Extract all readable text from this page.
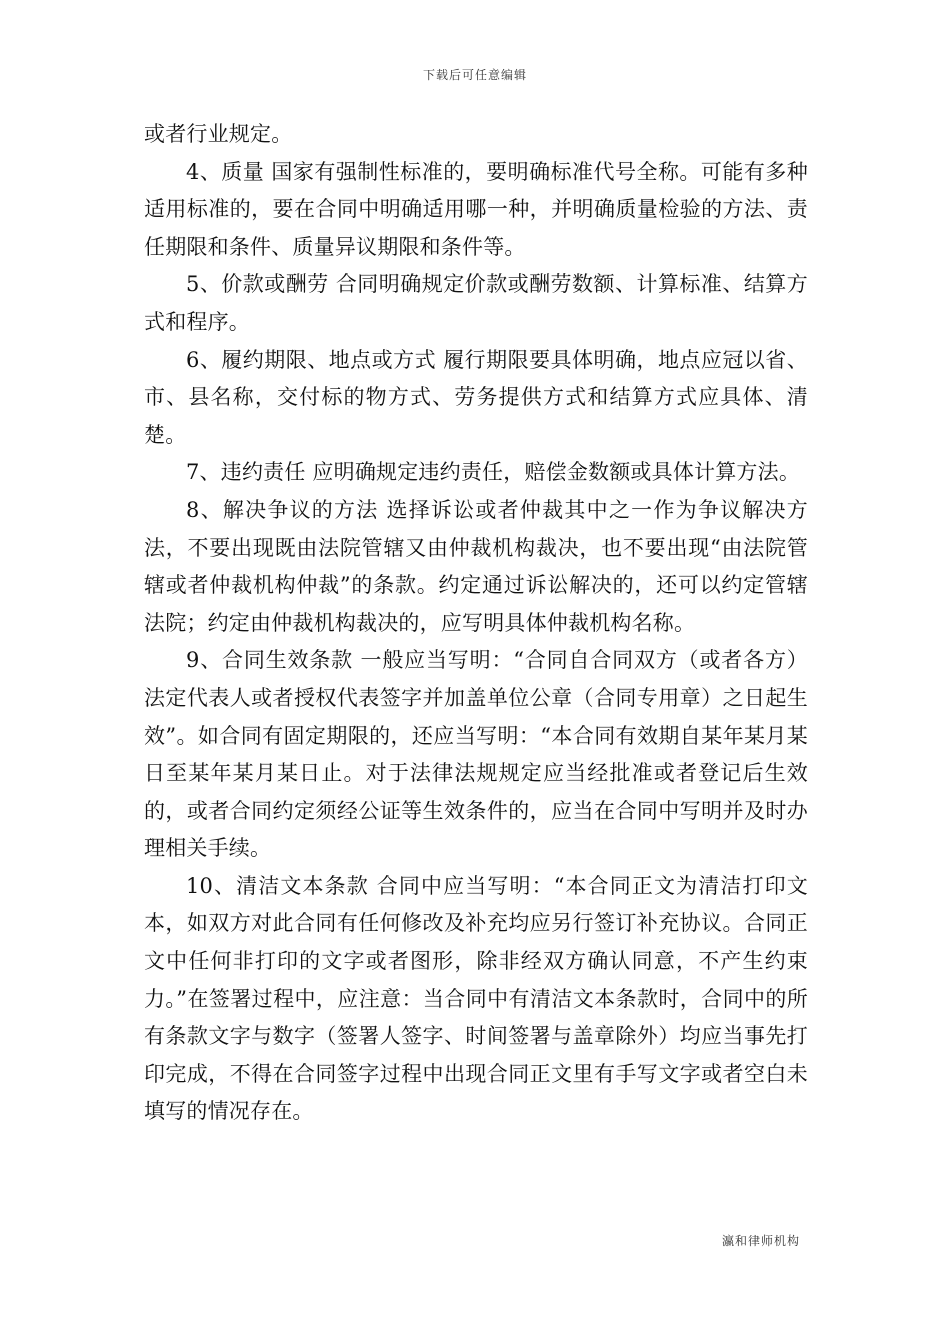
下载后可任意编辑

或者行业规定。

4、质量 国家有强制性标准的，要明确标准代号全称。可能有多种适用标准的，要在合同中明确适用哪一种，并明确质量检验的方法、责任期限和条件、质量异议期限和条件等。

5、价款或酬劳 合同明确规定价款或酬劳数额、计算标准、结算方式和程序。

6、履约期限、地点或方式 履行期限要具体明确，地点应冠以省、市、县名称，交付标的物方式、劳务提供方式和结算方式应具体、清楚。

7、违约责任 应明确规定违约责任，赔偿金数额或具体计算方法。

8、解决争议的方法 选择诉讼或者仲裁其中之一作为争议解决方法，不要出现既由法院管辖又由仲裁机构裁决，也不要出现“由法院管辖或者仲裁机构仲裁”的条款。约定通过诉讼解决的，还可以约定管辖法院；约定由仲裁机构裁决的，应写明具体仲裁机构名称。

9、合同生效条款 一般应当写明：“合同自合同双方（或者各方）法定代表人或者授权代表签字并加盖单位公章（合同专用章）之日起生效”。如合同有固定期限的，还应当写明：“本合同有效期自某年某月某日至某年某月某日止。对于法律法规规定应当经批准或者登记后生效的，或者合同约定须经公证等生效条件的，应当在合同中写明并及时办理相关手续。

10、清洁文本条款 合同中应当写明：“本合同正文为清洁打印文本，如双方对此合同有任何修改及补充均应另行签订补充协议。合同正文中任何非打印的文字或者图形，除非经双方确认同意，不产生约束力。”在签署过程中，应注意：当合同中有清洁文本条款时，合同中的所有条款文字与数字（签署人签字、时间签署与盖章除外）均应当事先打印完成，不得在合同签字过程中出现合同正文里有手写文字或者空白未填写的情况存在。

瀛和律师机构
